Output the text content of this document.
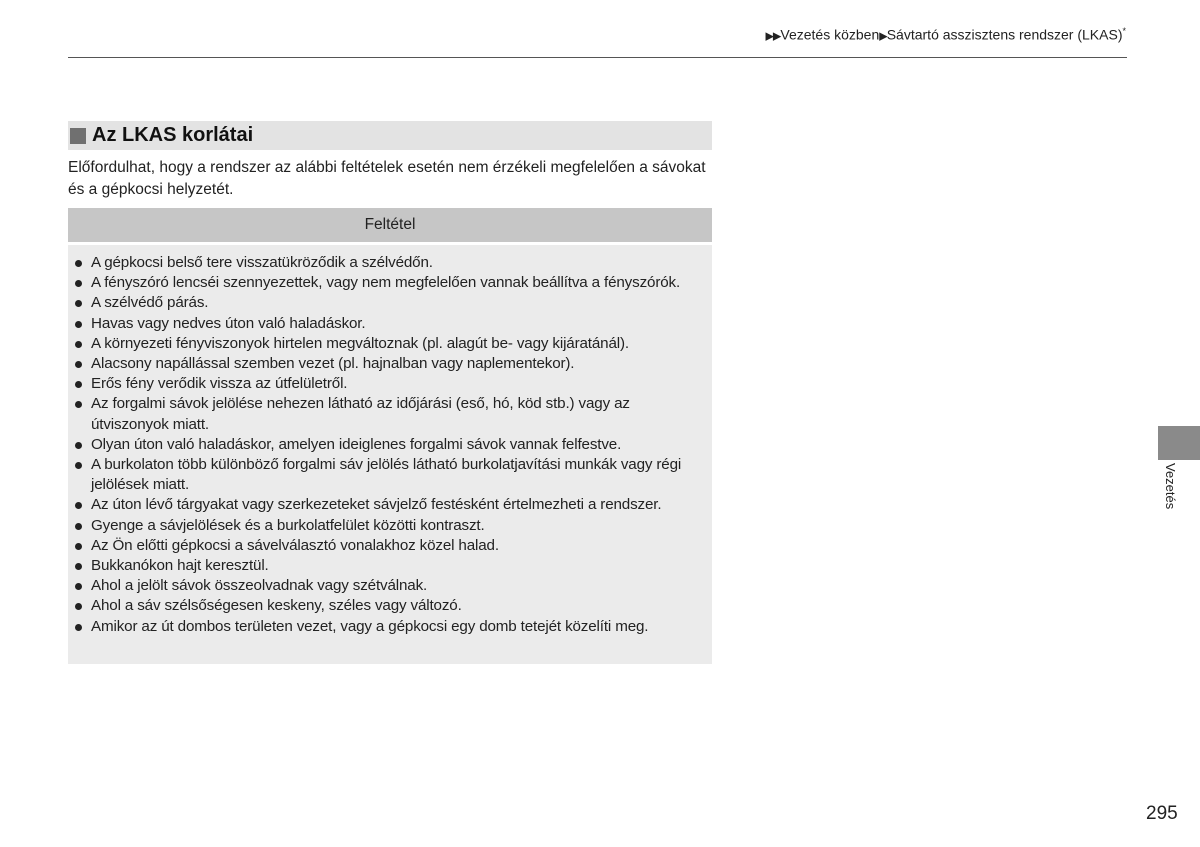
▶▶Vezetés közben▶Sávtartó asszisztens rendszer (LKAS)*
Az LKAS korlátai

Előfordulhat, hogy a rendszer az alábbi feltételek esetén nem érzékeli megfelelően a sávokat és a gépkocsi helyzetét.

Feltétel
A gépkocsi belső tere visszatükröződik a szélvédőn.
A fényszóró lencséi szennyezettek, vagy nem megfelelően vannak beállítva a fényszórók.
A szélvédő párás.
Havas vagy nedves úton való haladáskor.
A környezeti fényviszonyok hirtelen megváltoznak (pl. alagút be- vagy kijáratánál).
Alacsony napállással szemben vezet (pl. hajnalban vagy naplementekor).
Erős fény verődik vissza az útfelületről.
Az forgalmi sávok jelölése nehezen látható az időjárási (eső, hó, köd stb.) vagy az útviszonyok miatt.
Olyan úton való haladáskor, amelyen ideiglenes forgalmi sávok vannak felfestve.
A burkolaton több különböző forgalmi sáv jelölés látható burkolatjavítási munkák vagy régi jelölések miatt.
Az úton lévő tárgyakat vagy szerkezeteket sávjelző festésként értelmezheti a rendszer.
Gyenge a sávjelölések és a burkolatfelület közötti kontraszt.
Az Ön előtti gépkocsi a sávelválasztó vonalakhoz közel halad.
Bukkanókon hajt keresztül.
Ahol a jelölt sávok összeolvadnak vagy szétválnak.
Ahol a sáv szélsőségesen keskeny, széles vagy változó.
Amikor az út dombos területen vezet, vagy a gépkocsi egy domb tetejét közelíti meg.
Vezetés
295
